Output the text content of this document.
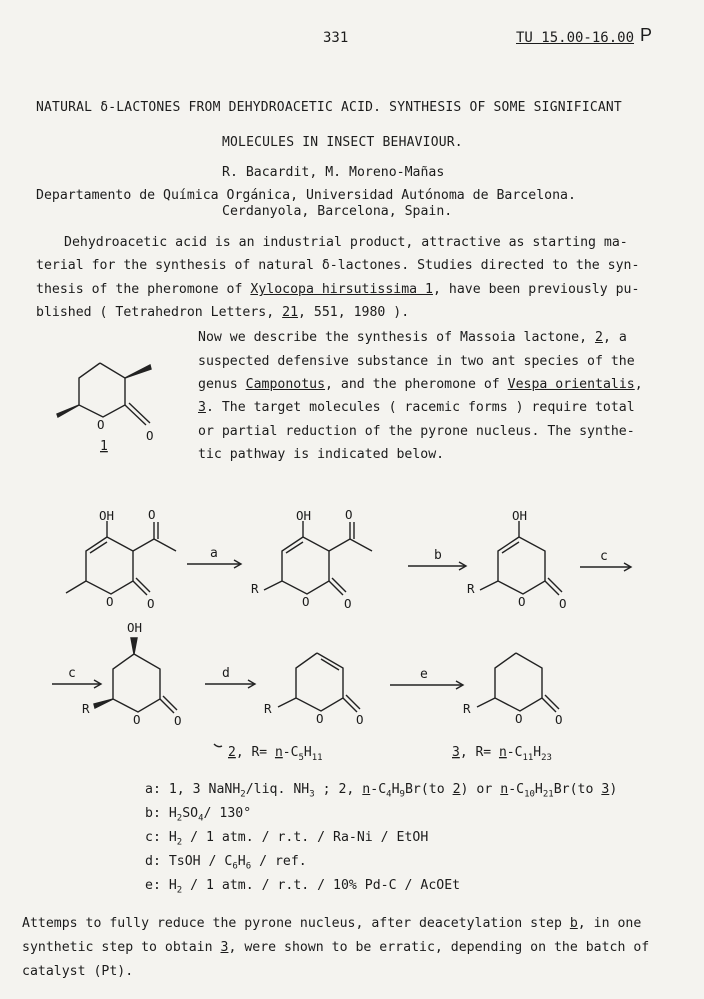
331	TU 15.00-16.00 P
NATURAL δ-LACTONES FROM DEHYDROACETIC ACID. SYNTHESIS OF SOME SIGNIFICANT
MOLECULES IN INSECT BEHAVIOUR.
R. Bacardit, M. Moreno-Mañas
Departamento de Química Orgánica, Universidad Autónoma de Barcelona.
Cerdanyola, Barcelona, Spain.
Dehydroacetic acid is an industrial product, attractive as starting ma-
terial for the synthesis of natural δ-lactones. Studies directed to the syn-
thesis of the pheromone of Xylocopa hirsutissima 1, have been previously pu-
blished ( Tetrahedron Letters, 21, 551, 1980 ).
Now we describe the synthesis of Massoia lactone, 2, a
suspected defensive substance in two ant species of the
genus Camponotus, and the pheromone of Vespa orientalis,
3. The target molecules ( racemic forms ) require total
or partial reduction of the pyrone nucleus. The synthe-
tic pathway is indicated below.
O
O
1
OH	O
O	O
a
OH	O
R
O	O
b
OH
R
O	O
c
c
OH
R
O	O
d
R
O	O
e
R
O	O
2, $R= n-C_5H_{11}$	3, $R= n-C_{11}H_{23}$
a: 1, 3 NaNH$_2$/liq. $NH_3$ ; 2, $n-C_4H_9Br(to$ 2) or $n-C_{10}H_{21}Br(to$ 3)
b: $H_2SO_4/$ 130°
c: $H_2 / 1$ atm. / r.t. / Ra-Ni / EtOH
d: TsOH / $C_6H_6$ / ref.
e: $H_2 / 1$ atm. / r.t. / 10% Pd-C / AcOEt
Attemps to fully reduce the pyrone nucleus, after deacetylation step b, in one
synthetic step to obtain 3, were shown to be erratic, depending on the batch of
catalyst (Pt).
